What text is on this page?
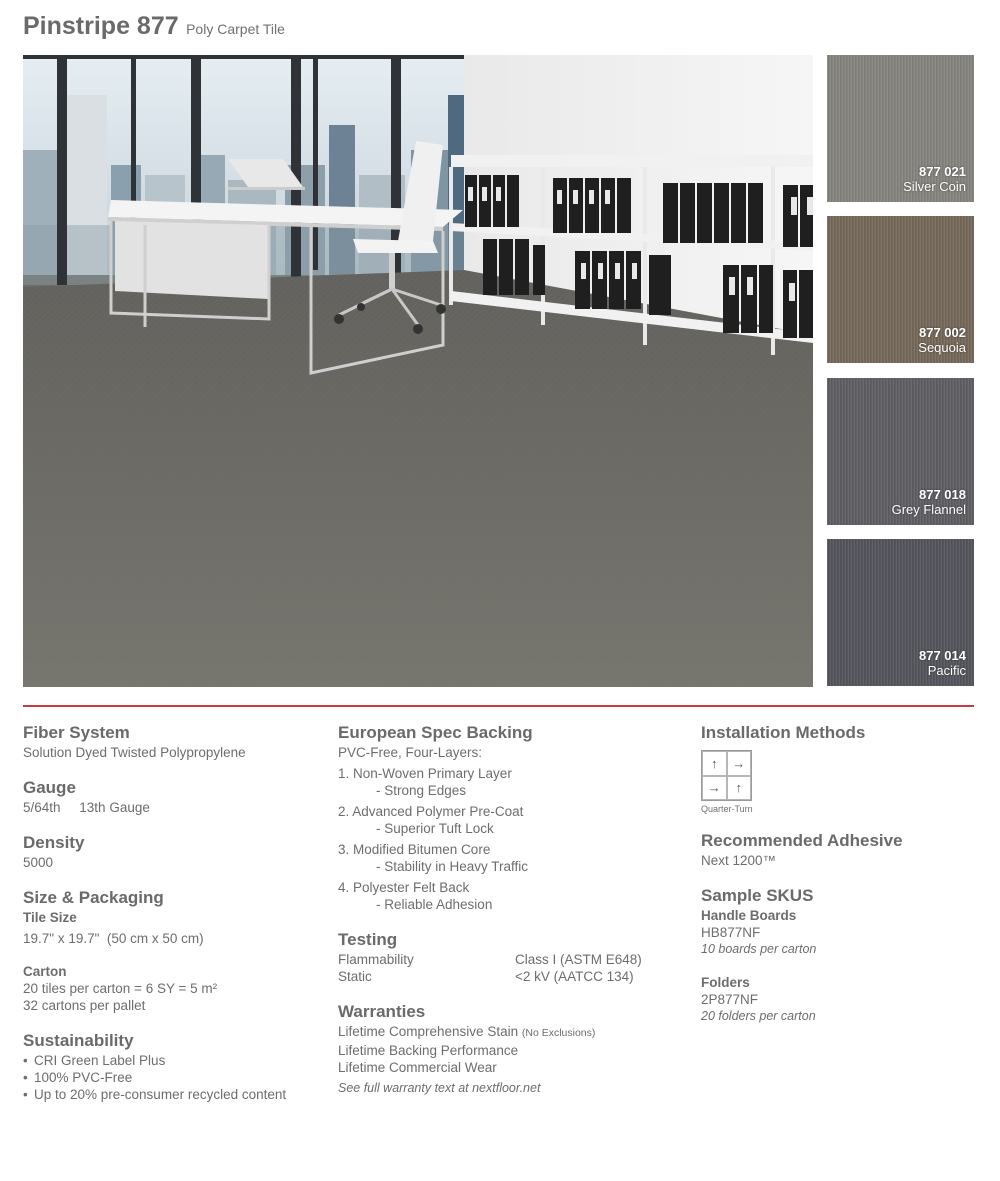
Pinstripe 877 Poly Carpet Tile
877 021
Silver Coin
877 002
Sequoia
877 018
Grey Flannel
877 014
Pacific
Fiber System
Solution Dyed Twisted Polypropylene
Gauge
5/64th     13th Gauge
Density
5000
Size & Packaging
Tile Size
19.7" x 19.7"  (50 cm x 50 cm)
Carton
20 tiles per carton = 6 SY = 5 m²
32 cartons per pallet
Sustainability
• CRI Green Label Plus
• 100% PVC-Free
• Up to 20% pre-consumer recycled content
European Spec Backing
PVC-Free, Four-Layers:
1. Non-Woven Primary Layer
- Strong Edges
2. Advanced Polymer Pre-Coat
- Superior Tuft Lock
3. Modified Bitumen Core
- Stability in Heavy Traffic
4. Polyester Felt Back
- Reliable Adhesion
Testing
Flammability	Class I (ASTM E648)
Static	<2 kV (AATCC 134)
Warranties
Lifetime Comprehensive Stain (No Exclusions)
Lifetime Backing Performance
Lifetime Commercial Wear
See full warranty text at nextfloor.net
Installation Methods
↑	→
→	↑
Quarter-Turn
Recommended Adhesive
Next 1200™
Sample SKUS
Handle Boards
HB877NF
10 boards per carton
Folders
2P877NF
20 folders per carton
